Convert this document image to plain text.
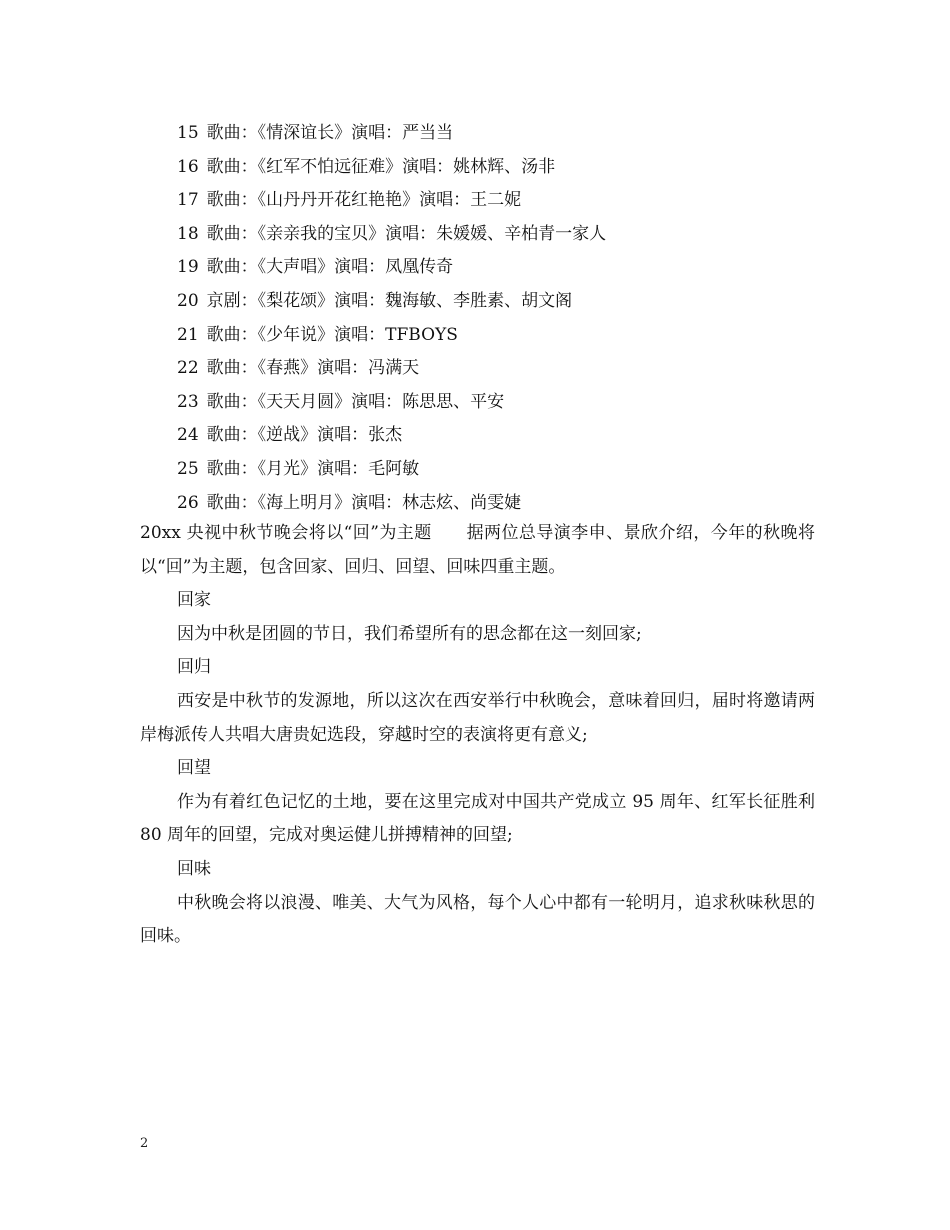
15 歌曲：《情深谊长》演唱：严当当
16 歌曲：《红军不怕远征难》演唱：姚林辉、汤非
17 歌曲：《山丹丹开花红艳艳》演唱：王二妮
18 歌曲：《亲亲我的宝贝》演唱：朱媛媛、辛柏青一家人
19 歌曲：《大声唱》演唱：凤凰传奇
20 京剧：《梨花颂》演唱：魏海敏、李胜素、胡文阁
21 歌曲：《少年说》演唱：TFBOYS
22 歌曲：《春燕》演唱：冯满天
23 歌曲：《天天月圆》演唱：陈思思、平安
24 歌曲：《逆战》演唱：张杰
25 歌曲：《月光》演唱：毛阿敏
26 歌曲：《海上明月》演唱：林志炫、尚雯婕

20xx 央视中秋节晚会将以“回”为主题　　据两位总导演李申、景欣介绍，今年的秋晚将以“回”为主题，包含回家、回归、回望、回味四重主题。

回家

因为中秋是团圆的节日，我们希望所有的思念都在这一刻回家;

回归

西安是中秋节的发源地，所以这次在西安举行中秋晚会，意味着回归，届时将邀请两岸梅派传人共唱大唐贵妃选段，穿越时空的表演将更有意义;

回望

作为有着红色记忆的土地，要在这里完成对中国共产党成立 95 周年、红军长征胜利 80 周年的回望，完成对奥运健儿拼搏精神的回望;

回味

中秋晚会将以浪漫、唯美、大气为风格，每个人心中都有一轮明月，追求秋味秋思的回味。

2
